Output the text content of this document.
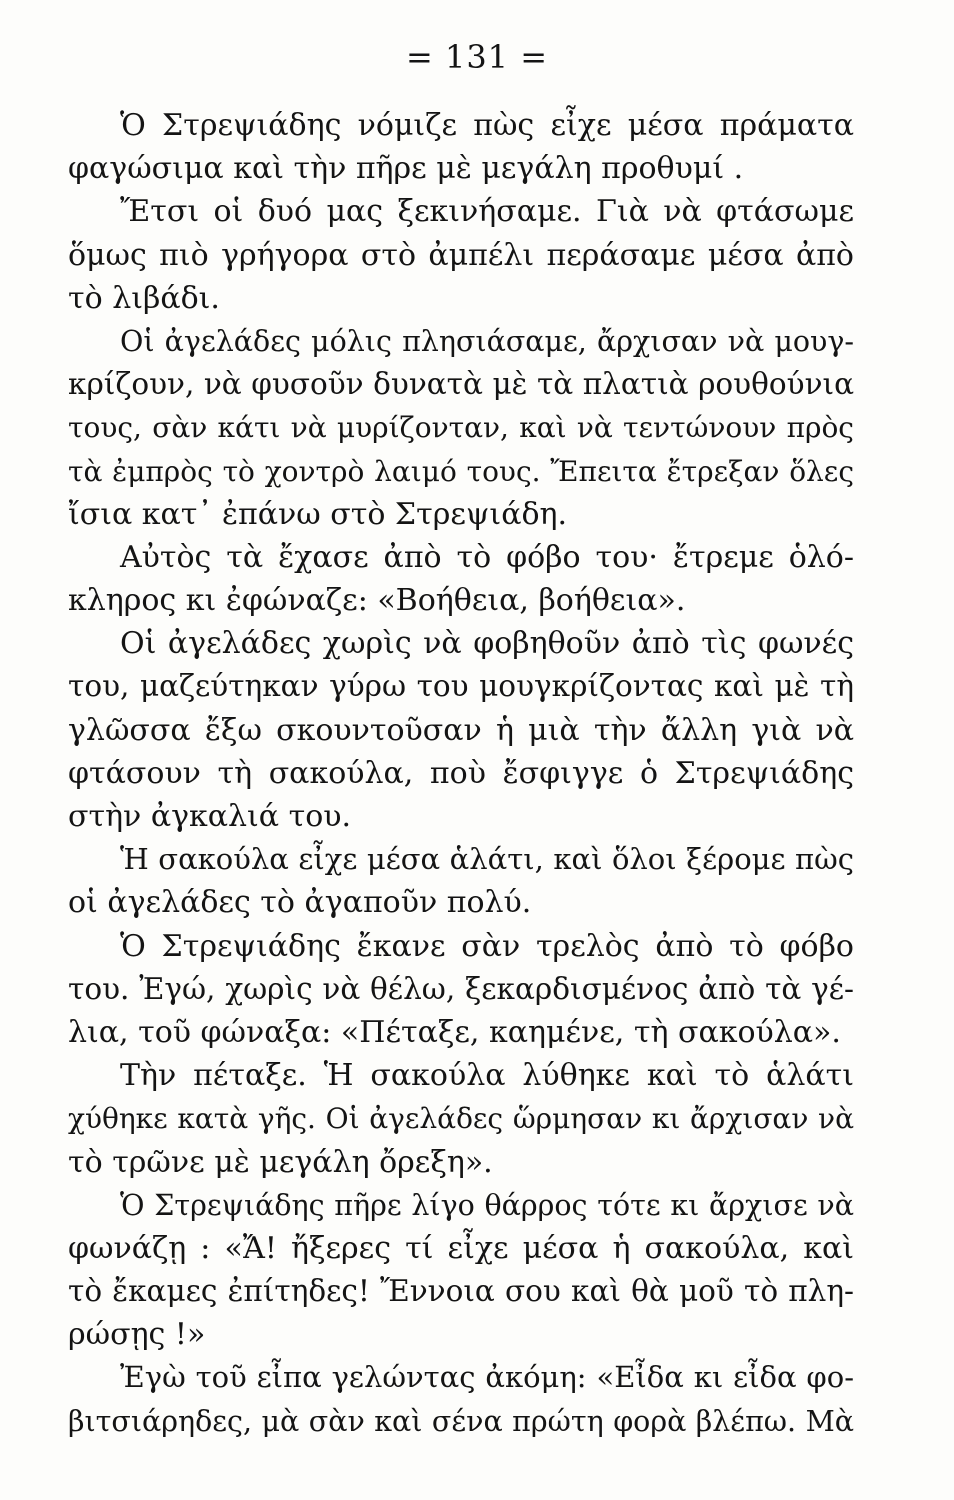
= 131 =
Ὁ Στρεψιάδης νόμιζε πὼς εἶχε μέσα πράματα
φαγώσιμα καὶ τὴν πῆρε μὲ μεγάλη προθυμί .
Ἔτσι οἱ δυό μας ξεκινήσαμε. Γιὰ νὰ φτάσωμε
ὅμως πιὸ γρήγορα στὸ ἀμπέλι περάσαμε μέσα ἀπὸ
τὸ λιβάδι.
Οἱ ἀγελάδες μόλις πλησιάσαμε, ἄρχισαν νὰ μουγ-
κρίζουν, νὰ φυσοῦν δυνατὰ μὲ τὰ πλατιὰ ρουθούνια
τους, σὰν κάτι νὰ μυρίζονταν, καὶ νὰ τεντώνουν πρὸς
τὰ ἐμπρὸς τὸ χοντρὸ λαιμό τους. Ἔπειτα ἔτρεξαν ὅλες
ἴσια κατ᾽ ἐπάνω στὸ Στρεψιάδη.
Αὐτὸς τὰ ἔχασε ἀπὸ τὸ φόβο του· ἔτρεμε ὁλό-
κληρος κι ἐφώναζε: «Βοήθεια, βοήθεια».
Οἱ ἀγελάδες χωρὶς νὰ φοβηθοῦν ἀπὸ τὶς φωνές
του, μαζεύτηκαν γύρω του μουγκρίζοντας καὶ μὲ τὴ
γλῶσσα ἔξω σκουντοῦσαν ἡ μιὰ τὴν ἄλλη γιὰ νὰ
φτάσουν τὴ σακούλα, ποὺ ἔσφιγγε ὁ Στρεψιάδης
στὴν ἀγκαλιά του.
Ἡ σακούλα εἶχε μέσα ἁλάτι, καὶ ὅλοι ξέρομε πὼς
οἱ ἀγελάδες τὸ ἀγαποῦν πολύ.
Ὁ Στρεψιάδης ἔκανε σὰν τρελὸς ἀπὸ τὸ φόβο
του. Ἐγώ, χωρὶς νὰ θέλω, ξεκαρδισμένος ἀπὸ τὰ γέ-
λια, τοῦ φώναξα: «Πέταξε, καημένε, τὴ σακούλα».
Τὴν πέταξε. Ἡ σακούλα λύθηκε καὶ τὸ ἁλάτι
χύθηκε κατὰ γῆς. Οἱ ἀγελάδες ὥρμησαν κι ἄρχισαν νὰ
τὸ τρῶνε μὲ μεγάλη ὄρεξη».
Ὁ Στρεψιάδης πῆρε λίγο θάρρος τότε κι ἄρχισε νὰ
φωνάζῃ : «Ἄ! ἤξερες τί εἶχε μέσα ἡ σακούλα, καὶ
τὸ ἔκαμες ἐπίτηδες! Ἔννοια σου καὶ θὰ μοῦ τὸ πλη-
ρώσῃς !»
Ἐγὼ τοῦ εἶπα γελώντας ἀκόμη: «Εἶδα κι εἶδα φο-
βιτσιάρηδες, μὰ σὰν καὶ σένα πρώτη φορὰ βλέπω. Μὰ
